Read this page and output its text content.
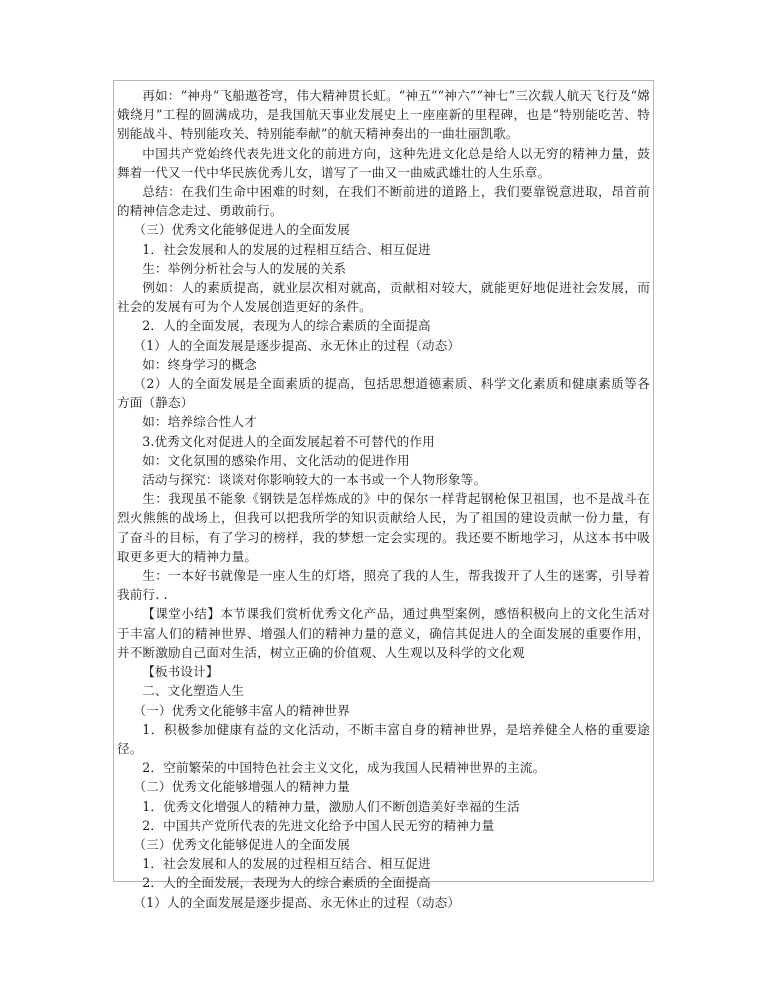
再如：“神舟”飞船遨苍穹，伟大精神贯长虹。“神五”“神六”“神七”三次载人航天飞行及“嫦娥绕月”工程的圆满成功，是我国航天事业发展史上一座座新的里程碑，也是“特别能吃苦、特别能战斗、特别能攻关、特别能奉献”的航天精神奏出的一曲壮丽凯歌。

中国共产党始终代表先进文化的前进方向，这种先进文化总是给人以无穷的精神力量，鼓舞着一代又一代中华民族优秀儿女，谱写了一曲又一曲威武雄壮的人生乐章。

总结：在我们生命中困难的时刻，在我们不断前进的道路上，我们要靠锐意进取，昂首前的精神信念走过、勇敢前行。

（三）优秀文化能够促进人的全面发展

1．社会发展和人的发展的过程相互结合、相互促进

生：举例分析社会与人的发展的关系

例如：人的素质提高，就业层次相对就高，贡献相对较大，就能更好地促进社会发展，而社会的发展有可为个人发展创造更好的条件。

2．人的全面发展，表现为人的综合素质的全面提高

（1）人的全面发展是逐步提高、永无休止的过程（动态）

如：终身学习的概念

（2）人的全面发展是全面素质的提高，包括思想道德素质、科学文化素质和健康素质等各方面（静态）

如：培养综合性人才

3.优秀文化对促进人的全面发展起着不可替代的作用

如：文化氛围的感染作用、文化活动的促进作用

活动与探究：谈谈对你影响较大的一本书或一个人物形象等。

生：我现虽不能象《钢铁是怎样炼成的》中的保尔一样背起钢枪保卫祖国，也不是战斗在烈火熊熊的战场上，但我可以把我所学的知识贡献给人民，为了祖国的建设贡献一份力量，有了奋斗的目标，有了学习的榜样，我的梦想一定会实现的。我还要不断地学习，从这本书中吸取更多更大的精神力量。

生：一本好书就像是一座人生的灯塔，照亮了我的人生，帮我拨开了人生的迷雾，引导着我前行. .

【课堂小结】本节课我们赏析优秀文化产品，通过典型案例，感悟积极向上的文化生活对于丰富人们的精神世界、增强人们的精神力量的意义，确信其促进人的全面发展的重要作用，并不断激励自己面对生活，树立正确的价值观、人生观以及科学的文化观

【板书设计】

二、文化塑造人生

（一）优秀文化能够丰富人的精神世界

1．积极参加健康有益的文化活动，不断丰富自身的精神世界，是培养健全人格的重要途径。

2．空前繁荣的中国特色社会主义文化，成为我国人民精神世界的主流。

（二）优秀文化能够增强人的精神力量

1．优秀文化增强人的精神力量，激励人们不断创造美好幸福的生活

2．中国共产党所代表的先进文化给予中国人民无穷的精神力量

（三）优秀文化能够促进人的全面发展

1．社会发展和人的发展的过程相互结合、相互促进

2．人的全面发展，表现为人的综合素质的全面提高

（1）人的全面发展是逐步提高、永无休止的过程（动态）
